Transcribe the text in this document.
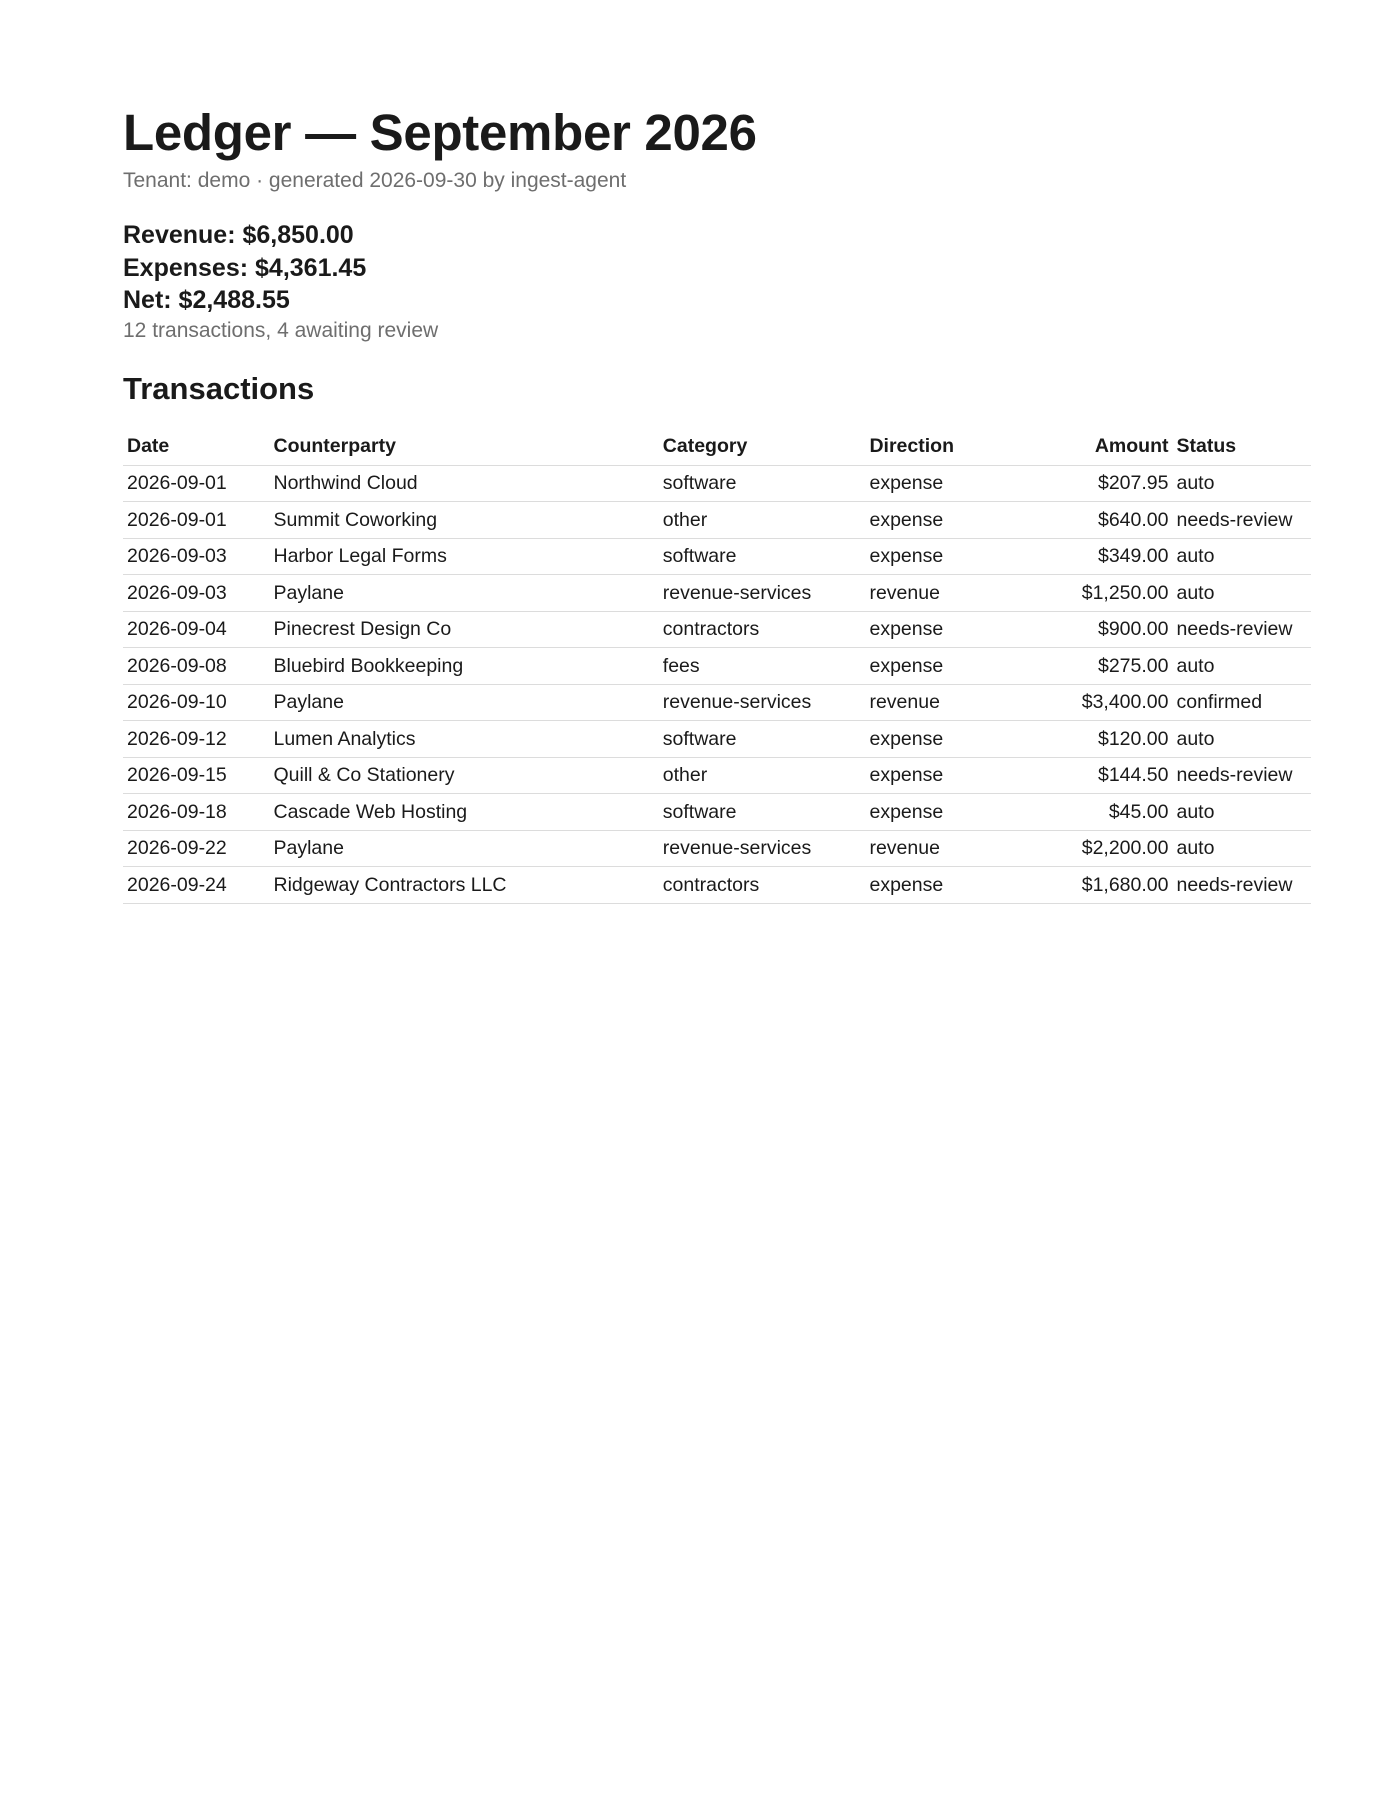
Ledger — September 2026
Tenant: demo · generated 2026-09-30 by ingest-agent
Revenue: $6,850.00
Expenses: $4,361.45
Net: $2,488.55
12 transactions, 4 awaiting review
Transactions
Date	Counterparty	Category	Direction	Amount	Status
2026-09-01	Northwind Cloud	software	expense	$207.95	auto
2026-09-01	Summit Coworking	other	expense	$640.00	needs-review
2026-09-03	Harbor Legal Forms	software	expense	$349.00	auto
2026-09-03	Paylane	revenue-services	revenue	$1,250.00	auto
2026-09-04	Pinecrest Design Co	contractors	expense	$900.00	needs-review
2026-09-08	Bluebird Bookkeeping	fees	expense	$275.00	auto
2026-09-10	Paylane	revenue-services	revenue	$3,400.00	confirmed
2026-09-12	Lumen Analytics	software	expense	$120.00	auto
2026-09-15	Quill & Co Stationery	other	expense	$144.50	needs-review
2026-09-18	Cascade Web Hosting	software	expense	$45.00	auto
2026-09-22	Paylane	revenue-services	revenue	$2,200.00	auto
2026-09-24	Ridgeway Contractors LLC	contractors	expense	$1,680.00	needs-review
